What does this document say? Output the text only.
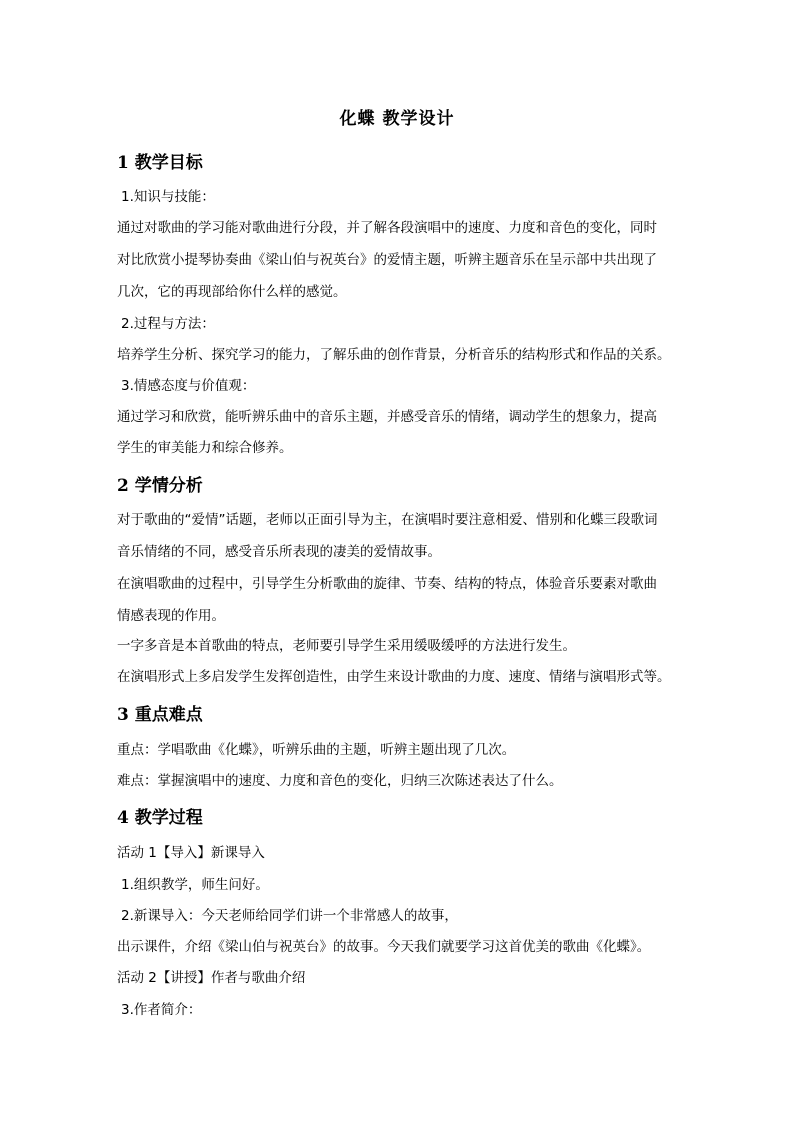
化蝶 教学设计
1 教学目标
1.知识与技能：
通过对歌曲的学习能对歌曲进行分段，并了解各段演唱中的速度、力度和音色的变化，同时
对比欣赏小提琴协奏曲《梁山伯与祝英台》的爱情主题，听辨主题音乐在呈示部中共出现了
几次，它的再现部给你什么样的感觉。
2.过程与方法：
培养学生分析、探究学习的能力，了解乐曲的创作背景，分析音乐的结构形式和作品的关系。
3.情感态度与价值观：
通过学习和欣赏，能听辨乐曲中的音乐主题，并感受音乐的情绪，调动学生的想象力，提高
学生的审美能力和综合修养。
2 学情分析
对于歌曲的“爱情”话题，老师以正面引导为主，在演唱时要注意相爱、惜别和化蝶三段歌词
音乐情绪的不同，感受音乐所表现的凄美的爱情故事。
在演唱歌曲的过程中，引导学生分析歌曲的旋律、节奏、结构的特点，体验音乐要素对歌曲
情感表现的作用。
一字多音是本首歌曲的特点，老师要引导学生采用缓吸缓呼的方法进行发生。
在演唱形式上多启发学生发挥创造性，由学生来设计歌曲的力度、速度、情绪与演唱形式等。
3 重点难点
重点：学唱歌曲《化蝶》，听辨乐曲的主题，听辨主题出现了几次。
难点：掌握演唱中的速度、力度和音色的变化，归纳三次陈述表达了什么。
4 教学过程
活动 1【导入】新课导入
1.组织教学，师生问好。
2.新课导入：今天老师给同学们讲一个非常感人的故事，
出示课件，介绍《梁山伯与祝英台》的故事。今天我们就要学习这首优美的歌曲《化蝶》。
活动 2【讲授】作者与歌曲介绍
3.作者简介：
